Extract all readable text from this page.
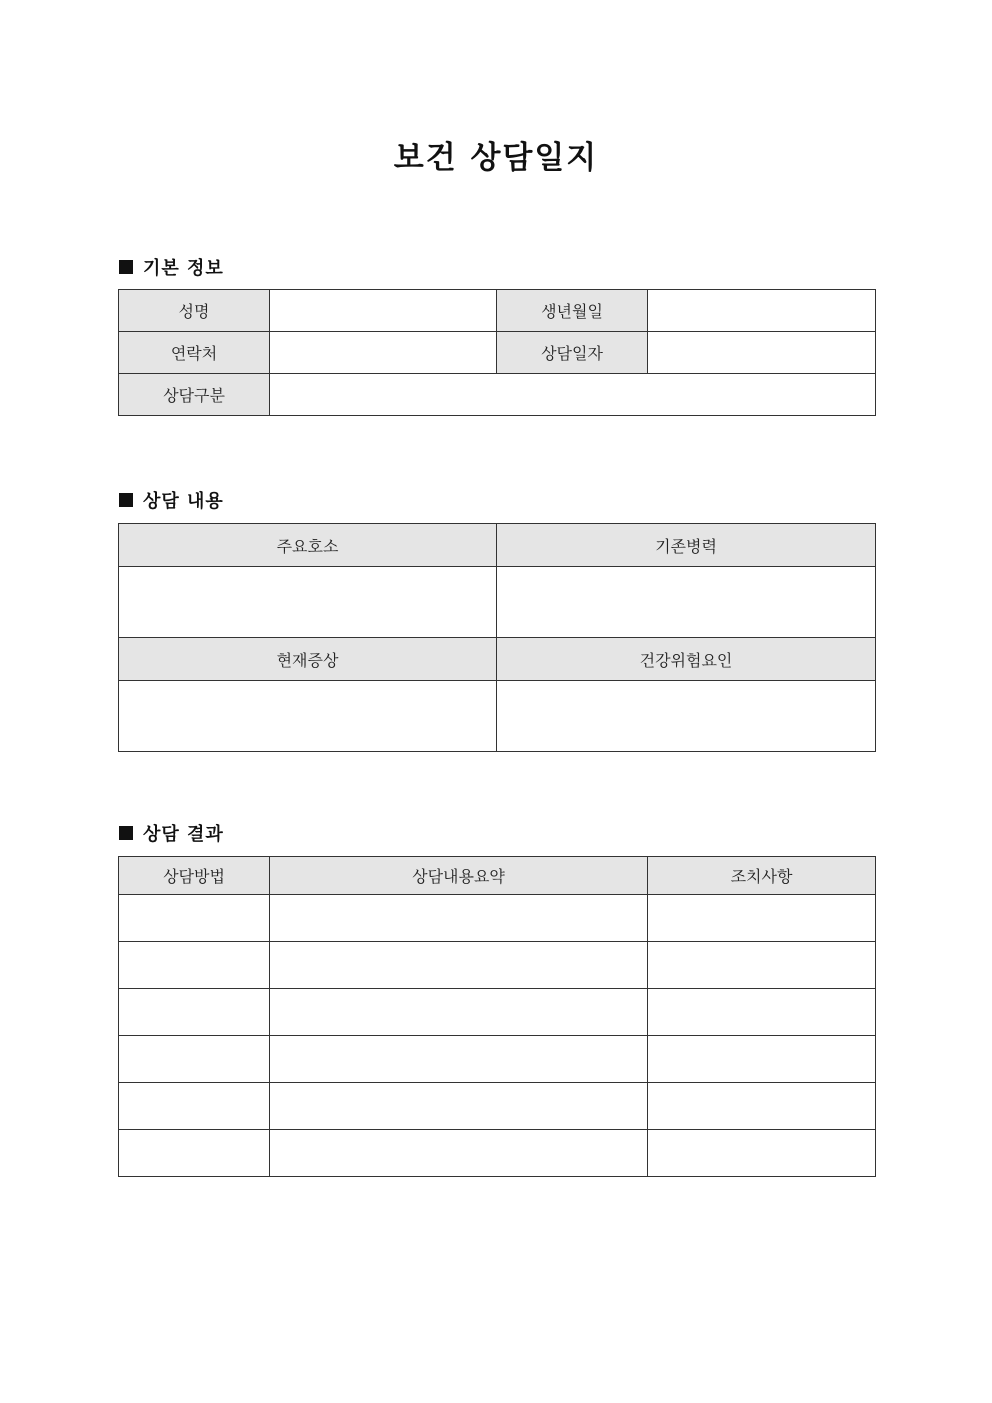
보건 상담일지
기본 정보
성명		생년월일	
연락처		상담일자	
상담구분			
상담 내용
주요호소	기존병력

현재증상	건강위험요인

상담 결과
상담방법	상담내용요약	조치사항
